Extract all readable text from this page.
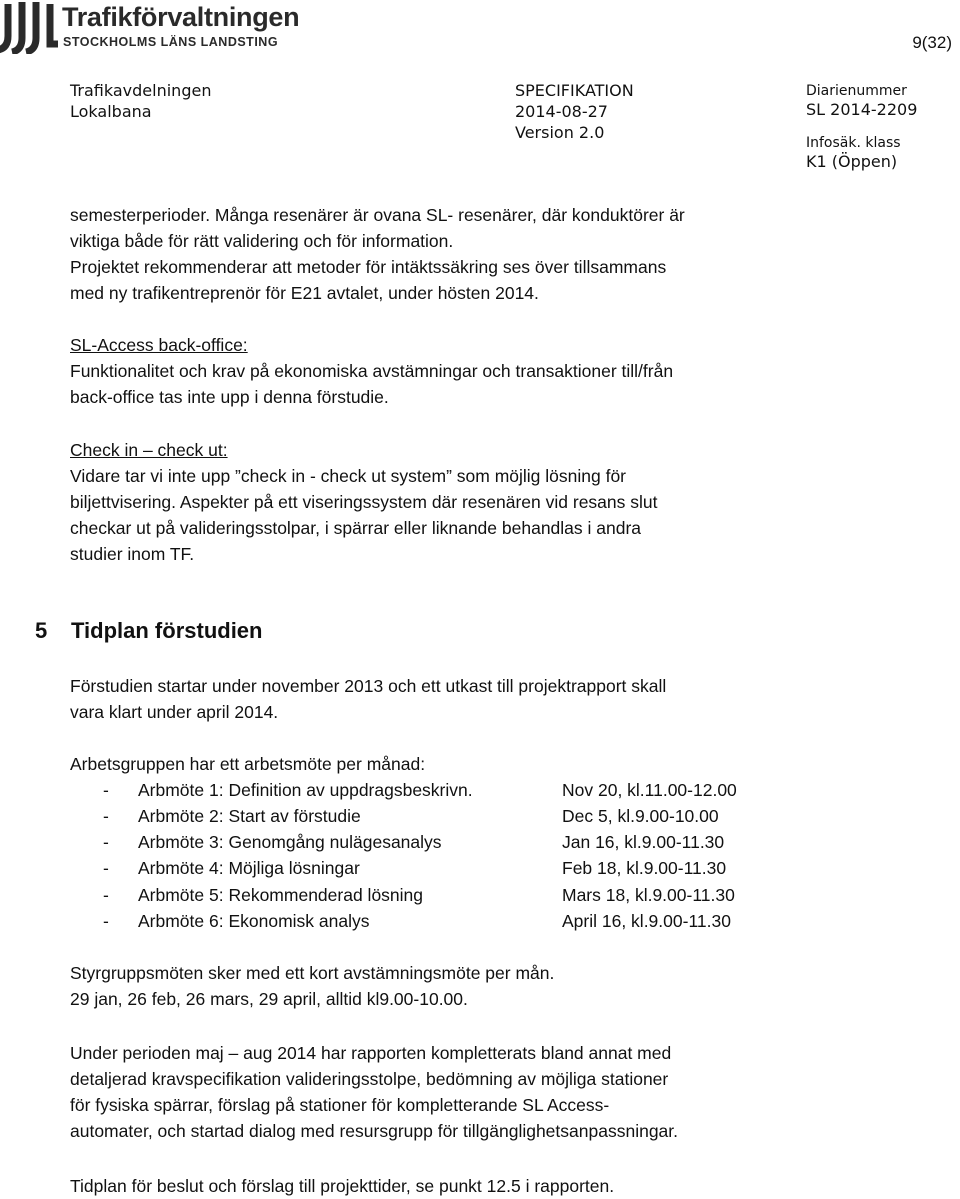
Trafikförvaltningen
STOCKHOLMS LÄNS LANDSTING	9(32)
Trafikavdelningen
Lokalbana
SPECIFIKATION
2014-08-27
Version 2.0
Diarienummer
SL 2014-2209
Infosäk. klass
K1 (Öppen)
semesterperioder. Många resenärer är ovana SL- resenärer, där konduktörer är
viktiga både för rätt validering och för information.
Projektet rekommenderar att metoder för intäktssäkring ses över tillsammans
med ny trafikentreprenör för E21 avtalet, under hösten 2014.
SL-Access back-office:
Funktionalitet och krav på ekonomiska avstämningar och transaktioner till/från
back-office tas inte upp i denna förstudie.
Check in – check ut:
Vidare tar vi inte upp ”check in - check ut system” som möjlig lösning för
biljettvisering. Aspekter på ett viseringssystem där resenären vid resans slut
checkar ut på valideringsstolpar, i spärrar eller liknande behandlas i andra
studier inom TF.
5 Tidplan förstudien
Förstudien startar under november 2013 och ett utkast till projektrapport skall
vara klart under april 2014.
Arbetsgruppen har ett arbetsmöte per månad:
- Arbmöte 1: Definition av uppdragsbeskrivn.	Nov 20, kl.11.00-12.00
- Arbmöte 2: Start av förstudie	Dec 5, kl.9.00-10.00
- Arbmöte 3: Genomgång nulägesanalys	Jan 16, kl.9.00-11.30
- Arbmöte 4: Möjliga lösningar	Feb 18, kl.9.00-11.30
- Arbmöte 5: Rekommenderad lösning	Mars 18, kl.9.00-11.30
- Arbmöte 6: Ekonomisk analys	April 16, kl.9.00-11.30
Styrgruppsmöten sker med ett kort avstämningsmöte per mån.
29 jan, 26 feb, 26 mars, 29 april, alltid kl9.00-10.00.
Under perioden maj – aug 2014 har rapporten kompletterats bland annat med
detaljerad kravspecifikation valideringsstolpe, bedömning av möjliga stationer
för fysiska spärrar, förslag på stationer för kompletterande SL Access-
automater, och startad dialog med resursgrupp för tillgänglighetsanpassningar.
Tidplan för beslut och förslag till projekttider, se punkt 12.5 i rapporten.
